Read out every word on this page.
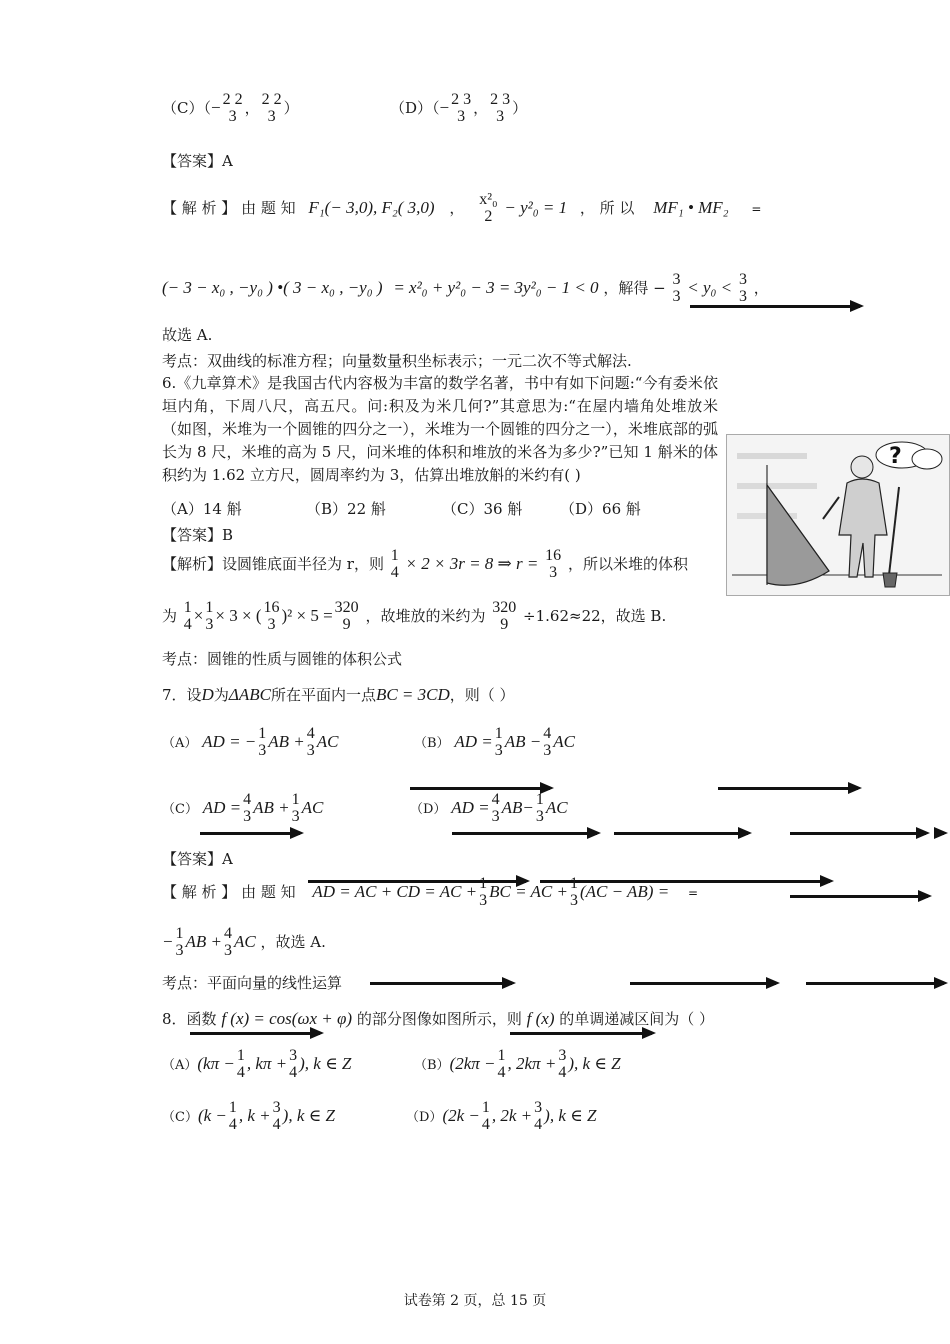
（C）（− 2 2
3 ， 2 2
3 ）	（D）（− 2 3
3 ， 2 3
3 ）
【答案】A
【 解 析 】 由 题 知 F₁(− 3,0), F₂( 3,0) ， x²₀
2 − y²₀ = 1 ， 所 以 MF₁ • MF₂ =
(− 3 − x₀ , −y₀ ) •( 3 − x₀ , −y₀ ) = x²₀ + y²₀ − 3 = 3y²₀ − 1 < 0 ，解得 − 3
3 < y₀ < 3
3 ，
故选 A.
考点：双曲线的标准方程；向量数量积坐标表示；一元二次不等式解法.
6.《九章算术》是我国古代内容极为丰富的数学名著，书中有如下问题:“今有委米依垣内角，下周八尺，高五尺。问:积及为米几何?”其意思为:“在屋内墙角处堆放米（如图，米堆为一个圆锥的四分之一），米堆为一个圆锥的四分之一），米堆底部的弧长为 8 尺，米堆的高为 5 尺，问米堆的体积和堆放的米各为多少?”已知 1 斛米的体积约为 1.62 立方尺，圆周率约为 3，估算出堆放斛的米约有( )
（A）14 斛	（B）22 斛	（C）36 斛	（D）66 斛
【答案】B
【解析】设圆锥底面半径为 r，则 1
4 × 2 × 3r = 8 ⇒ r = 16
3 ，所以米堆的体积
为 1
4 × 1
3 × 3 × ( 16
3 )² × 5 = 320
9 ，故堆放的米约为 320
9 ÷1.62≈22，故选 B.
考点：圆锥的性质与圆锥的体积公式
?
7．设D为ΔABC所在平面内一点BC = 3CD，则（ ）
（A） AD = − 1
3 AB + 4
3 AC	（B） AD = 1
3 AB − 4
3 AC
（C） AD = 4
3 AB + 1
3 AC	（D） AD = 4
3 AB− 1
3 AC
【答案】A
【 解 析 】 由 题 知 AD = AC + CD = AC + 1
3 BC = AC + 1
3 (AC − AB) = =
− 1
3 AB + 4
3 AC ，故选 A.
考点：平面向量的线性运算
8．函数 f (x) = cos(ωx + φ) 的部分图像如图所示，则 f (x) 的单调递减区间为（ ）
（A）(kπ − 1
4 , kπ + 3
4 ), k ∈ Z	（B）(2kπ − 1
4 , 2kπ + 3
4 ), k ∈ Z
（C）(k − 1
4 , k + 3
4 ), k ∈ Z	（D）(2k − 1
4 , 2k + 3
4 ), k ∈ Z
试卷第 2 页，总 15 页
